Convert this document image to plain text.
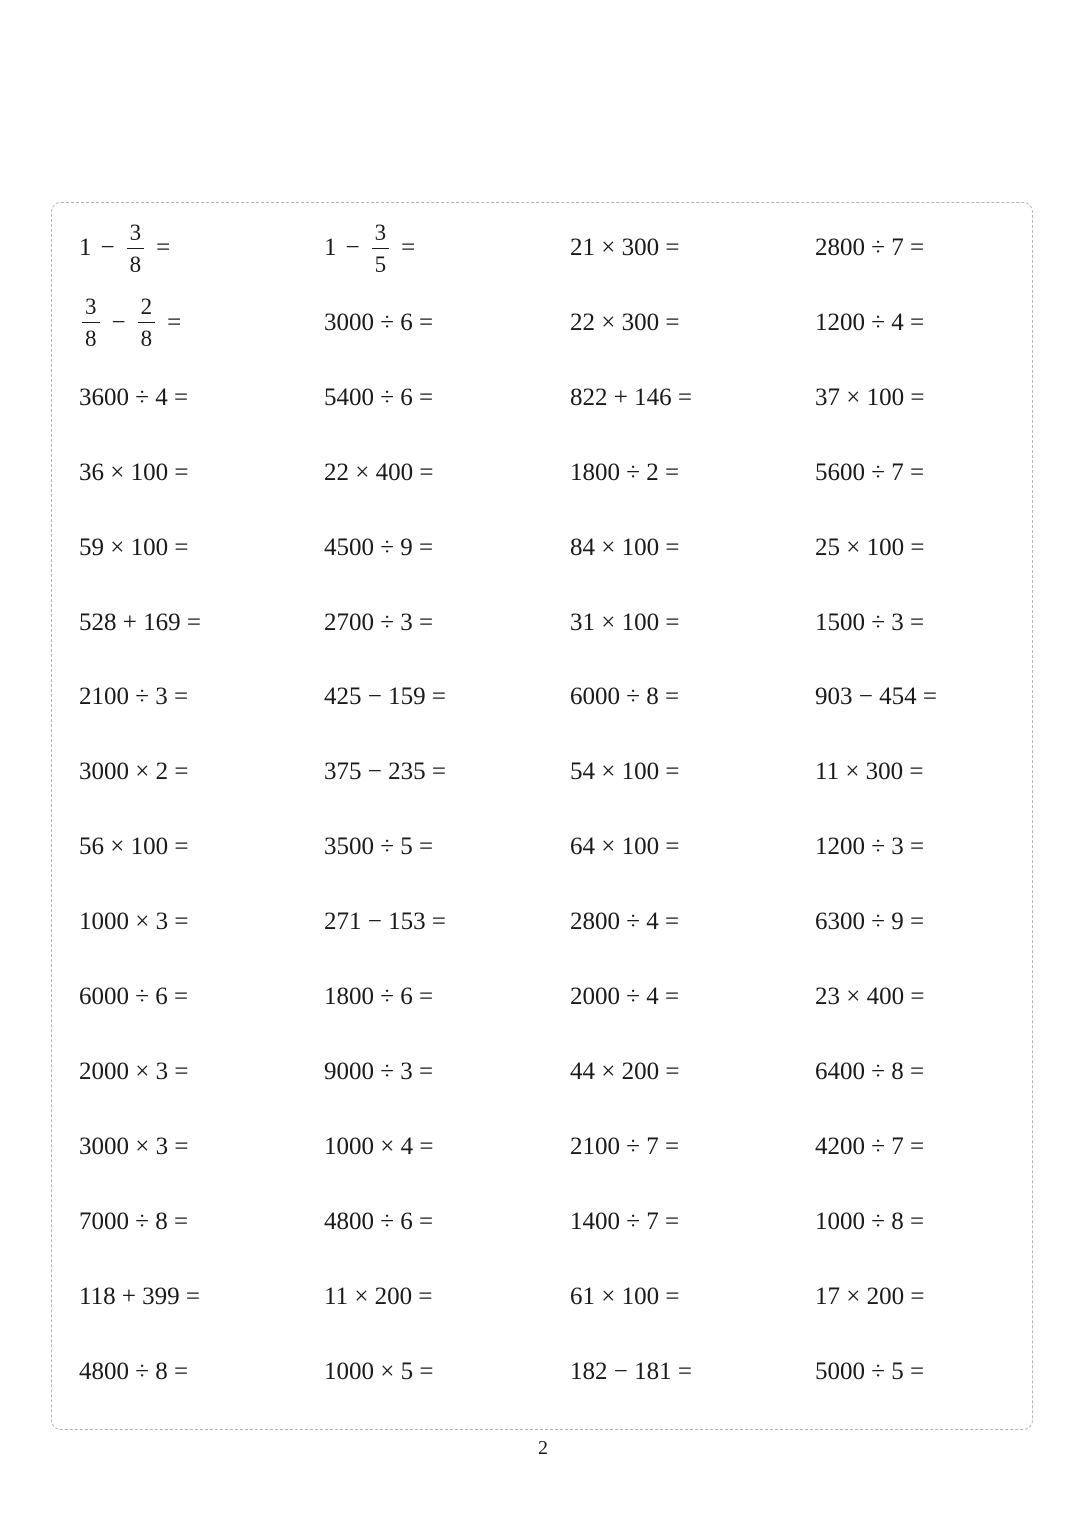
$1 - \frac{3}{8}$ =	$1 - \frac{3}{5}$ =	21 × 300 =	2800 ÷ 7 =
$\frac{3}{8} - \frac{2}{8}$ =	3000 ÷ 6 =	22 × 300 =	1200 ÷ 4 =
3600 ÷ 4 =	5400 ÷ 6 =	822 + 146 =	37 × 100 =
36 × 100 =	22 × 400 =	1800 ÷ 2 =	5600 ÷ 7 =
59 × 100 =	4500 ÷ 9 =	84 × 100 =	25 × 100 =
528 + 169 =	2700 ÷ 3 =	31 × 100 =	1500 ÷ 3 =
2100 ÷ 3 =	425 − 159 =	6000 ÷ 8 =	903 − 454 =
3000 × 2 =	375 − 235 =	54 × 100 =	11 × 300 =
56 × 100 =	3500 ÷ 5 =	64 × 100 =	1200 ÷ 3 =
1000 × 3 =	271 − 153 =	2800 ÷ 4 =	6300 ÷ 9 =
6000 ÷ 6 =	1800 ÷ 6 =	2000 ÷ 4 =	23 × 400 =
2000 × 3 =	9000 ÷ 3 =	44 × 200 =	6400 ÷ 8 =
3000 × 3 =	1000 × 4 =	2100 ÷ 7 =	4200 ÷ 7 =
7000 ÷ 8 =	4800 ÷ 6 =	1400 ÷ 7 =	1000 ÷ 8 =
118 + 399 =	11 × 200 =	61 × 100 =	17 × 200 =
4800 ÷ 8 =	1000 × 5 =	182 − 181 =	5000 ÷ 5 =
2
